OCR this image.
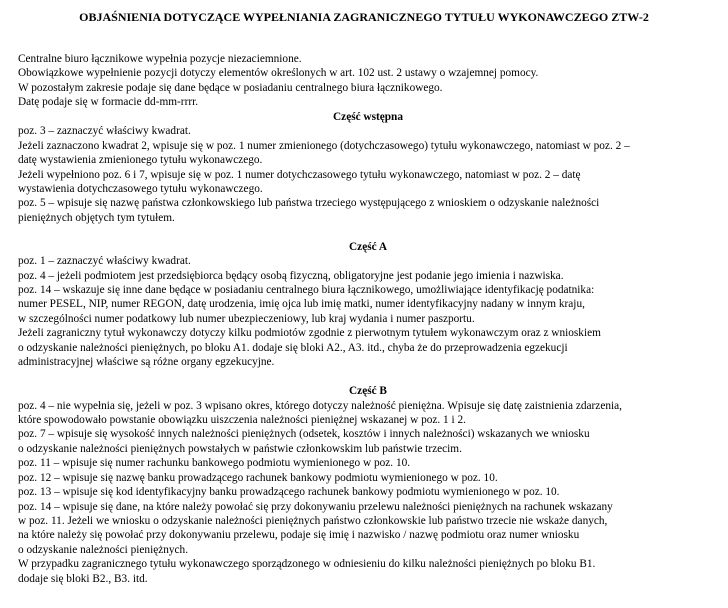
OBJAŚNIENIA DOTYCZĄCE WYPEŁNIANIA ZAGRANICZNEGO TYTUŁU WYKONAWCZEGO ZTW-2
Centralne biuro łącznikowe wypełnia pozycje niezaciemnione.
Obowiązkowe wypełnienie pozycji dotyczy elementów określonych w art. 102 ust. 2 ustawy o wzajemnej pomocy.
W pozostałym zakresie podaje się dane będące w posiadaniu centralnego biura łącznikowego.
Datę podaje się w formacie dd-mm-rrrr.
Część wstępna
poz. 3 – zaznaczyć właściwy kwadrat.
Jeżeli zaznaczono kwadrat 2, wpisuje się w poz. 1 numer zmienionego (dotychczasowego) tytułu wykonawczego, natomiast w poz. 2 –
datę wystawienia zmienionego tytułu wykonawczego.
Jeżeli wypełniono poz. 6 i 7, wpisuje się w poz. 1 numer dotychczasowego tytułu wykonawczego, natomiast w poz. 2 – datę
wystawienia dotychczasowego tytułu wykonawczego.
poz. 5 – wpisuje się nazwę państwa członkowskiego lub państwa trzeciego występującego z wnioskiem o odzyskanie należności
pieniężnych objętych tym tytułem.
Część A
poz. 1 – zaznaczyć właściwy kwadrat.
poz. 4 – jeżeli podmiotem jest przedsiębiorca będący osobą fizyczną, obligatoryjne jest podanie jego imienia i nazwiska.
poz. 14 – wskazuje się inne dane będące w posiadaniu centralnego biura łącznikowego, umożliwiające identyfikację podatnika:
numer PESEL, NIP, numer REGON, datę urodzenia, imię ojca lub imię matki, numer identyfikacyjny nadany w innym kraju,
w szczególności numer podatkowy lub numer ubezpieczeniowy, lub kraj wydania i numer paszportu.
Jeżeli zagraniczny tytuł wykonawczy dotyczy kilku podmiotów zgodnie z pierwotnym tytułem wykonawczym oraz z wnioskiem
o odzyskanie należności pieniężnych, po bloku A1. dodaje się bloki A2., A3. itd., chyba że do przeprowadzenia egzekucji
administracyjnej właściwe są różne organy egzekucyjne.
Część B
poz. 4 – nie wypełnia się, jeżeli w poz. 3 wpisano okres, którego dotyczy należność pieniężna. Wpisuje się datę zaistnienia zdarzenia,
które spowodowało powstanie obowiązku uiszczenia należności pieniężnej wskazanej w poz. 1 i 2.
poz. 7 – wpisuje się wysokość innych należności pieniężnych (odsetek, kosztów i innych należności) wskazanych we wniosku
o odzyskanie należności pieniężnych powstałych w państwie członkowskim lub państwie trzecim.
poz. 11 – wpisuje się numer rachunku bankowego podmiotu wymienionego w poz. 10.
poz. 12 – wpisuje się nazwę banku prowadzącego rachunek bankowy podmiotu wymienionego w poz. 10.
poz. 13 – wpisuje się kod identyfikacyjny banku prowadzącego rachunek bankowy podmiotu wymienionego w poz. 10.
poz. 14 – wpisuje się dane, na które należy powołać się przy dokonywaniu przelewu należności pieniężnych na rachunek wskazany
w poz. 11. Jeżeli we wniosku o odzyskanie należności pieniężnych państwo członkowskie lub państwo trzecie nie wskaże danych,
na które należy się powołać przy dokonywaniu przelewu, podaje się imię i nazwisko / nazwę podmiotu oraz numer wniosku
o odzyskanie należności pieniężnych.
W przypadku zagranicznego tytułu wykonawczego sporządzonego w odniesieniu do kilku należności pieniężnych po bloku B1.
dodaje się bloki B2., B3. itd.
